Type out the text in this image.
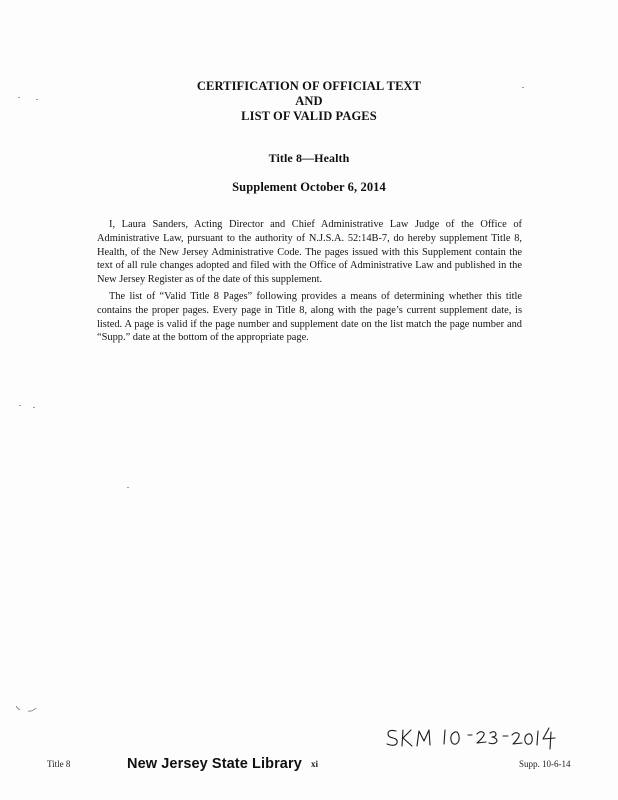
CERTIFICATION OF OFFICIAL TEXT
AND
LIST OF VALID PAGES
Title 8—Health
Supplement October 6, 2014
I, Laura Sanders, Acting Director and Chief Administrative Law Judge of the Office of Administrative Law, pursuant to the authority of N.J.S.A. 52:14B-7, do hereby supplement Title 8, Health, of the New Jersey Administrative Code. The pages issued with this Supplement contain the text of all rule changes adopted and filed with the Office of Administrative Law and published in the New Jersey Register as of the date of this supplement.
The list of “Valid Title 8 Pages” following provides a means of determining whether this title contains the proper pages. Every page in Title 8, along with the page’s current supplement date, is listed. A page is valid if the page number and supplement date on the list match the page number and “Supp.” date at the bottom of the appropriate page.
Title 8	New Jersey State Library xi	Supp. 10-6-14
